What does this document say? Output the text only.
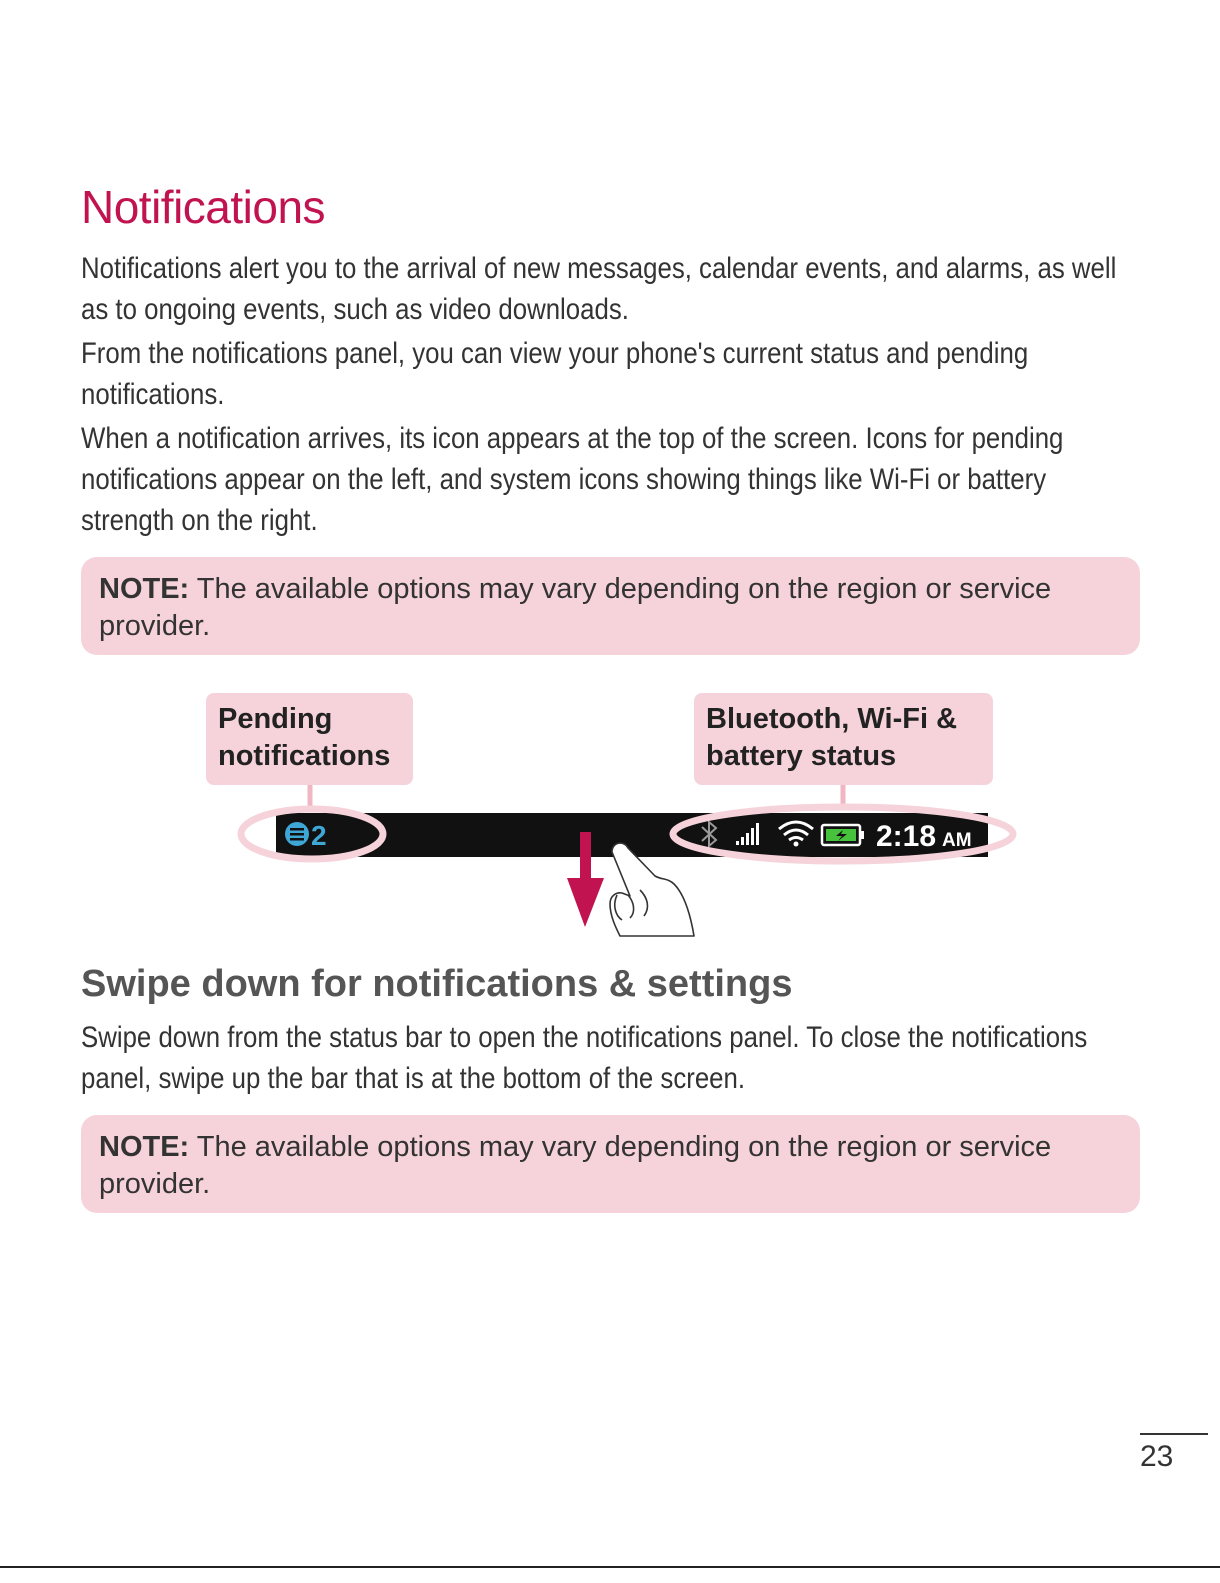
Notifications

Notifications alert you to the arrival of new messages, calendar events, and alarms, as well as to ongoing events, such as video downloads.

From the notifications panel, you can view your phone's current status and pending notifications.

When a notification arrives, its icon appears at the top of the screen. Icons for pending notifications appear on the left, and system icons showing things like Wi-Fi or battery strength on the right.

NOTE: The available options may vary depending on the region or service provider.
Pending notifications
Bluetooth, Wi-Fi & battery status
2	2:18 AM
Swipe down for notifications & settings

Swipe down from the status bar to open the notifications panel. To close the notifications panel, swipe up the bar that is at the bottom of the screen.

NOTE: The available options may vary depending on the region or service provider.
23
